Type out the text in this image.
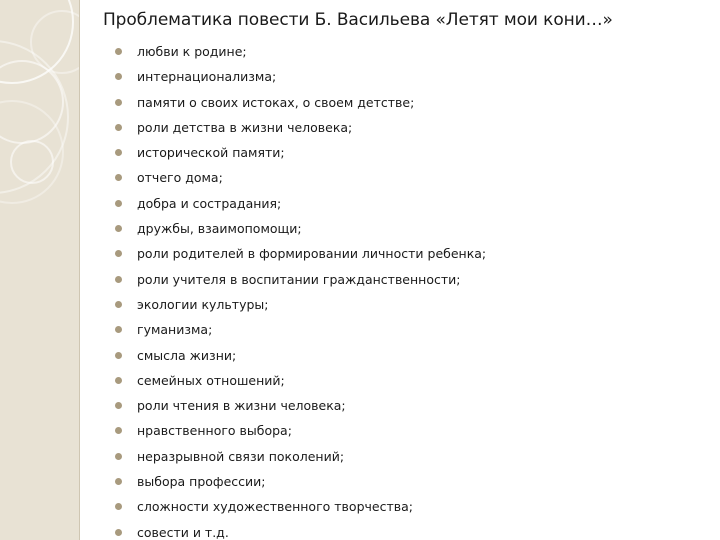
Проблематика повести Б. Васильева «Летят мои кони…»
любви к родине;
интернационализма;
памяти о своих истоках, о своем детстве;
роли детства в жизни человека;
исторической памяти;
отчего дома;
добра и сострадания;
дружбы, взаимопомощи;
роли родителей в формировании личности ребенка;
роли учителя в воспитании гражданственности;
экологии культуры;
гуманизма;
смысла жизни;
семейных отношений;
роли чтения в жизни человека;
нравственного выбора;
неразрывной связи поколений;
выбора профессии;
сложности художественного творчества;
совести и т.д.
